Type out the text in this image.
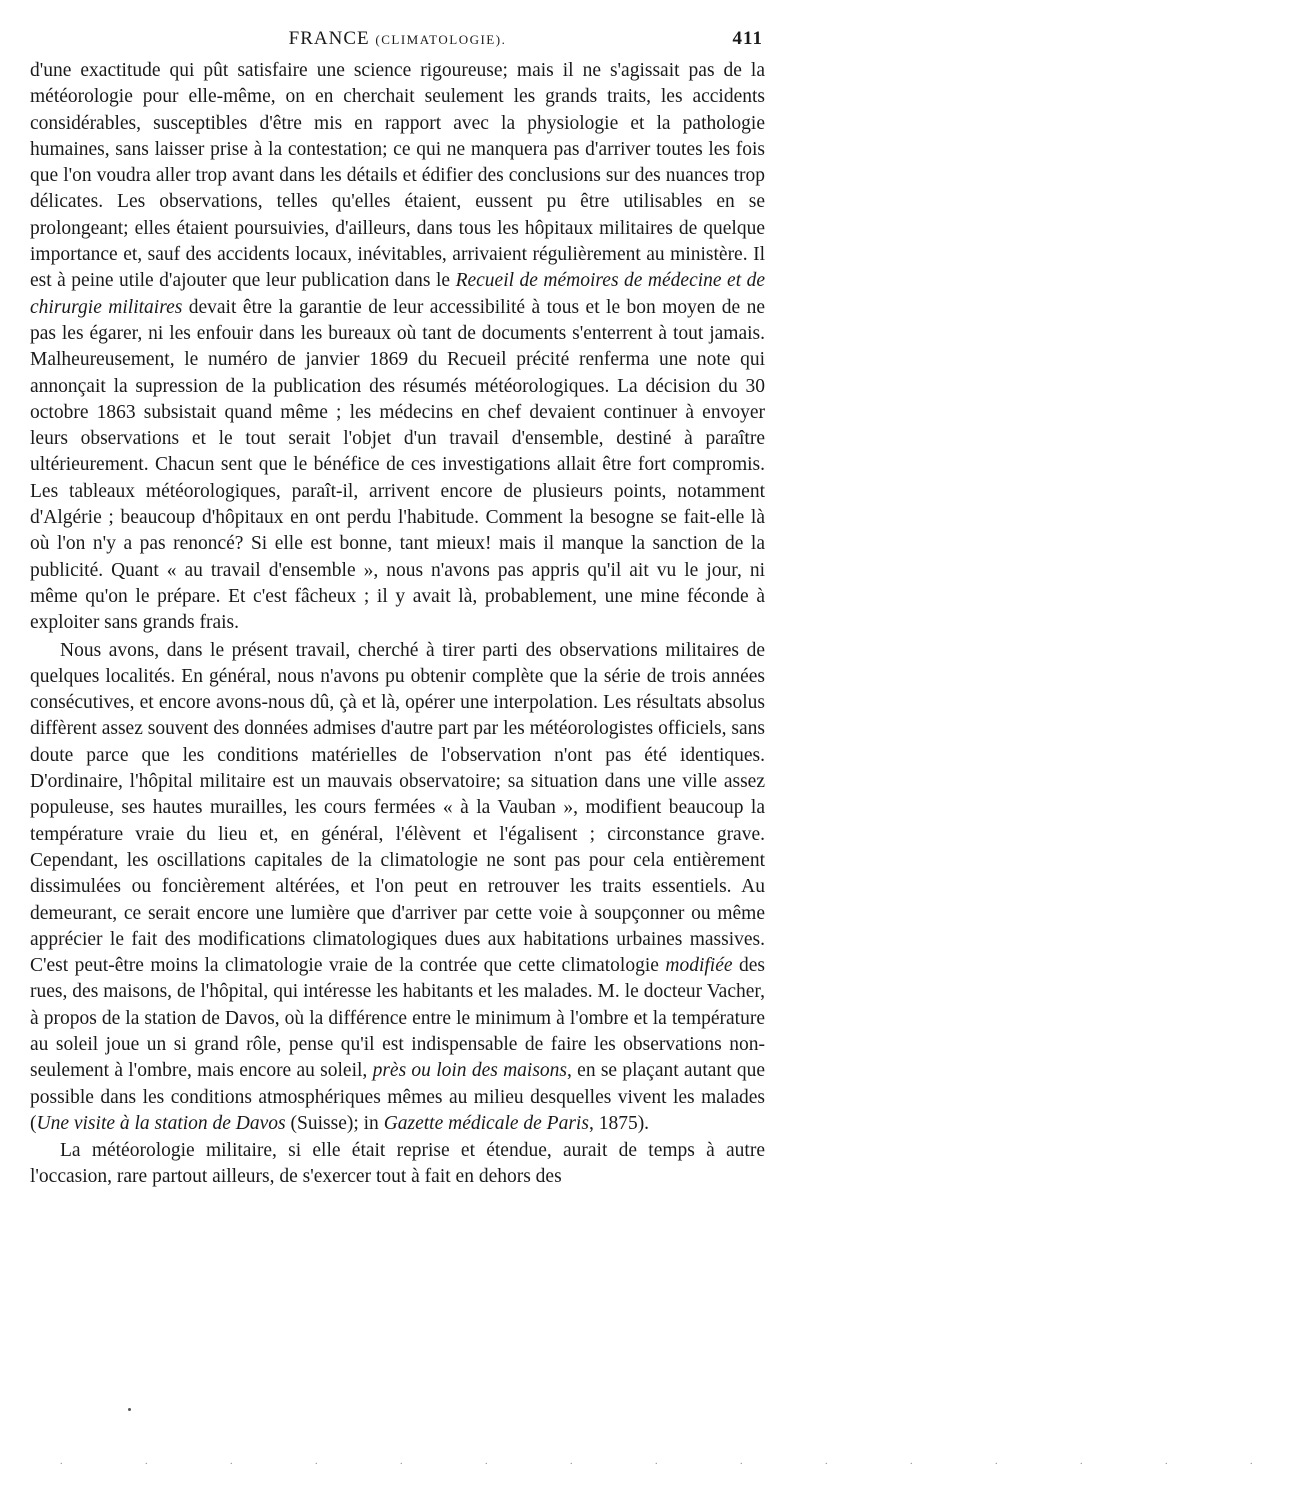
FRANCE (CLIMATOLOGIE).	411

d'une exactitude qui pût satisfaire une science rigoureuse; mais il ne s'agissait pas de la météorologie pour elle-même, on en cherchait seulement les grands traits, les accidents considérables, susceptibles d'être mis en rapport avec la physiologie et la pathologie humaines, sans laisser prise à la contestation; ce qui ne manquera pas d'arriver toutes les fois que l'on voudra aller trop avant dans les détails et édifier des conclusions sur des nuances trop délicates. Les observations, telles qu'elles étaient, eussent pu être utilisables en se prolongeant; elles étaient poursuivies, d'ailleurs, dans tous les hôpitaux militaires de quelque importance et, sauf des accidents locaux, inévitables, arrivaient régulièrement au ministère. Il est à peine utile d'ajouter que leur publication dans le Recueil de mémoires de médecine et de chirurgie militaires devait être la garantie de leur accessibilité à tous et le bon moyen de ne pas les égarer, ni les enfouir dans les bureaux où tant de documents s'enterrent à tout jamais. Malheureusement, le numéro de janvier 1869 du Recueil précité renferma une note qui annonçait la supression de la publication des résumés météorologiques. La décision du 30 octobre 1863 subsistait quand même ; les médecins en chef devaient continuer à envoyer leurs observations et le tout serait l'objet d'un travail d'ensemble, destiné à paraître ultérieurement. Chacun sent que le bénéfice de ces investigations allait être fort compromis. Les tableaux météorologiques, paraît-il, arrivent encore de plusieurs points, notamment d'Algérie ; beaucoup d'hôpitaux en ont perdu l'habitude. Comment la besogne se fait-elle là où l'on n'y a pas renoncé? Si elle est bonne, tant mieux! mais il manque la sanction de la publicité. Quant « au travail d'ensemble », nous n'avons pas appris qu'il ait vu le jour, ni même qu'on le prépare. Et c'est fâcheux ; il y avait là, probablement, une mine féconde à exploiter sans grands frais.

Nous avons, dans le présent travail, cherché à tirer parti des observations militaires de quelques localités. En général, nous n'avons pu obtenir complète que la série de trois années consécutives, et encore avons-nous dû, çà et là, opérer une interpolation. Les résultats absolus diffèrent assez souvent des données admises d'autre part par les météorologistes officiels, sans doute parce que les conditions matérielles de l'observation n'ont pas été identiques. D'ordinaire, l'hôpital militaire est un mauvais observatoire; sa situation dans une ville assez populeuse, ses hautes murailles, les cours fermées « à la Vauban », modifient beaucoup la température vraie du lieu et, en général, l'élèvent et l'égalisent ; circonstance grave. Cependant, les oscillations capitales de la climatologie ne sont pas pour cela entièrement dissimulées ou foncièrement altérées, et l'on peut en retrouver les traits essentiels. Au demeurant, ce serait encore une lumière que d'arriver par cette voie à soupçonner ou même apprécier le fait des modifications climatologiques dues aux habitations urbaines massives. C'est peut-être moins la climatologie vraie de la contrée que cette climatologie modifiée des rues, des maisons, de l'hôpital, qui intéresse les habitants et les malades. M. le docteur Vacher, à propos de la station de Davos, où la différence entre le minimum à l'ombre et la température au soleil joue un si grand rôle, pense qu'il est indispensable de faire les observations non-seulement à l'ombre, mais encore au soleil, près ou loin des maisons, en se plaçant autant que possible dans les conditions atmosphériques mêmes au milieu desquelles vivent les malades (Une visite à la station de Davos (Suisse); in Gazette médicale de Paris, 1875).

La météorologie militaire, si elle était reprise et étendue, aurait de temps à autre l'occasion, rare partout ailleurs, de s'exercer tout à fait en dehors des

. . . . . . . . . . . . . . .
